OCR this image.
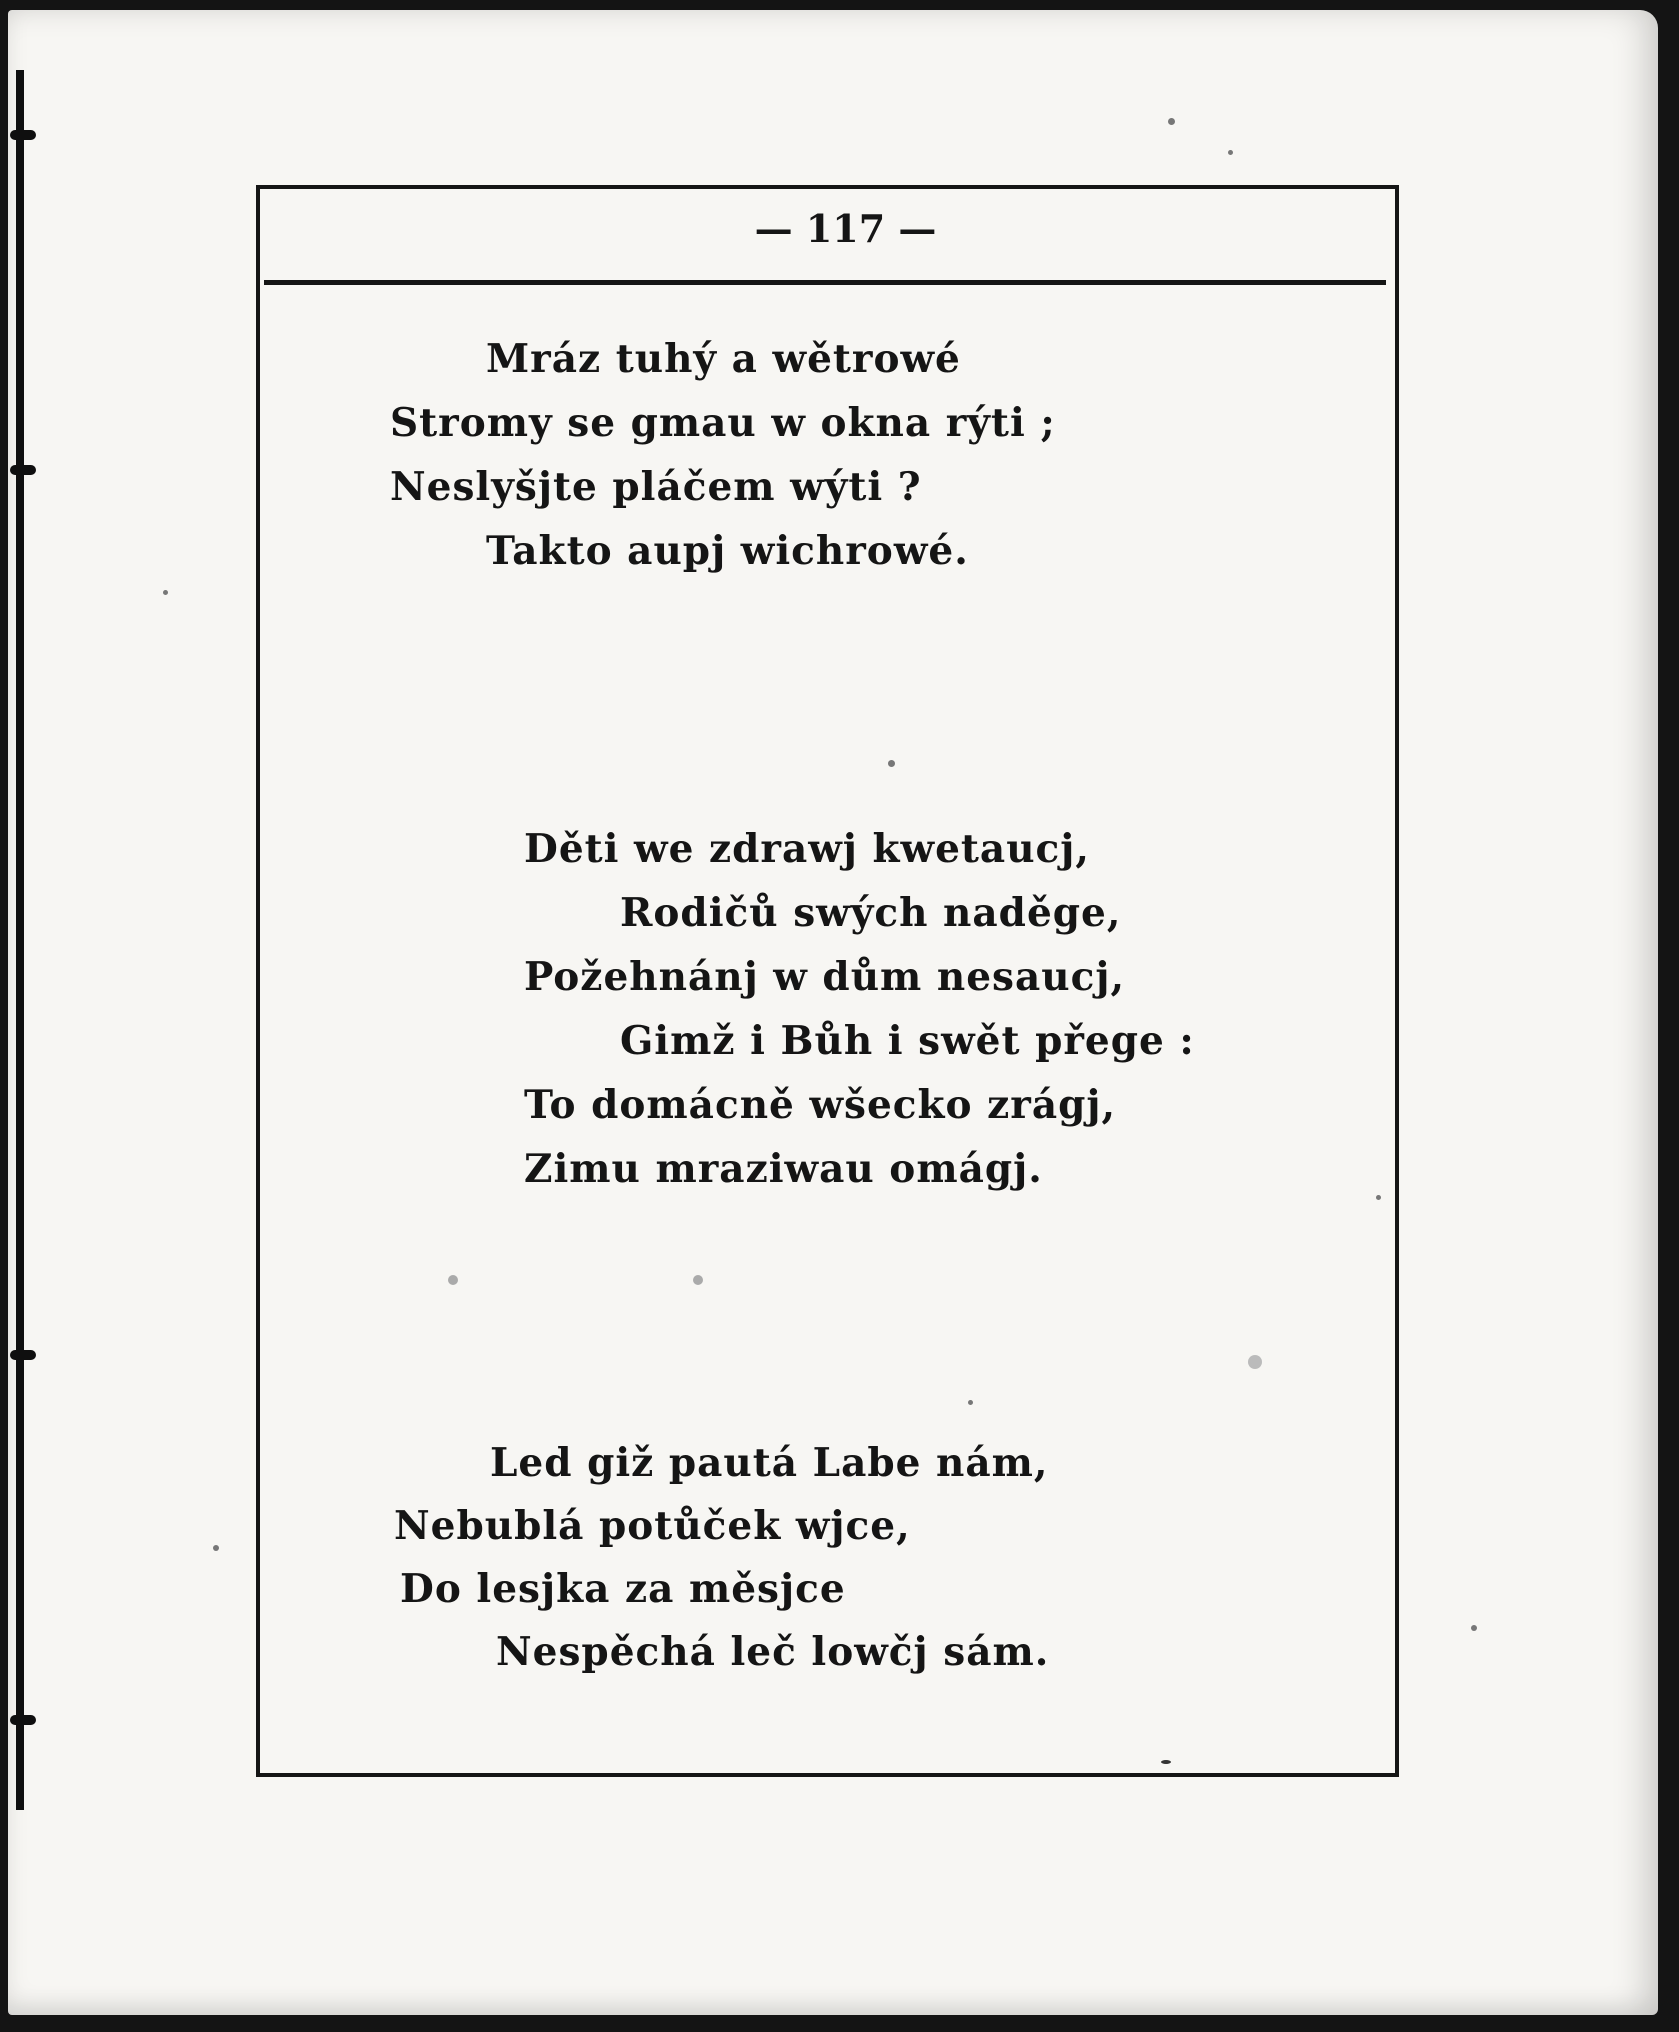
— 117 —
Mráz tuhý a wětrowé
Stromy se gmau w okna rýti ;
Neslyšjte pláčem wýti ?
Takto aupj wichrowé.
Děti we zdrawj kwetaucj,
Rodičů swých naděge,
Požehnánj w dům nesaucj,
Gimž i Bůh i swět přege :
To domácně wšecko zrágj,
Zimu mraziwau omágj.
Led giž pautá Labe nám,
Nebublá potůček wjce,
Do lesjka za měsjce
Nespěchá leč lowčj sám.
